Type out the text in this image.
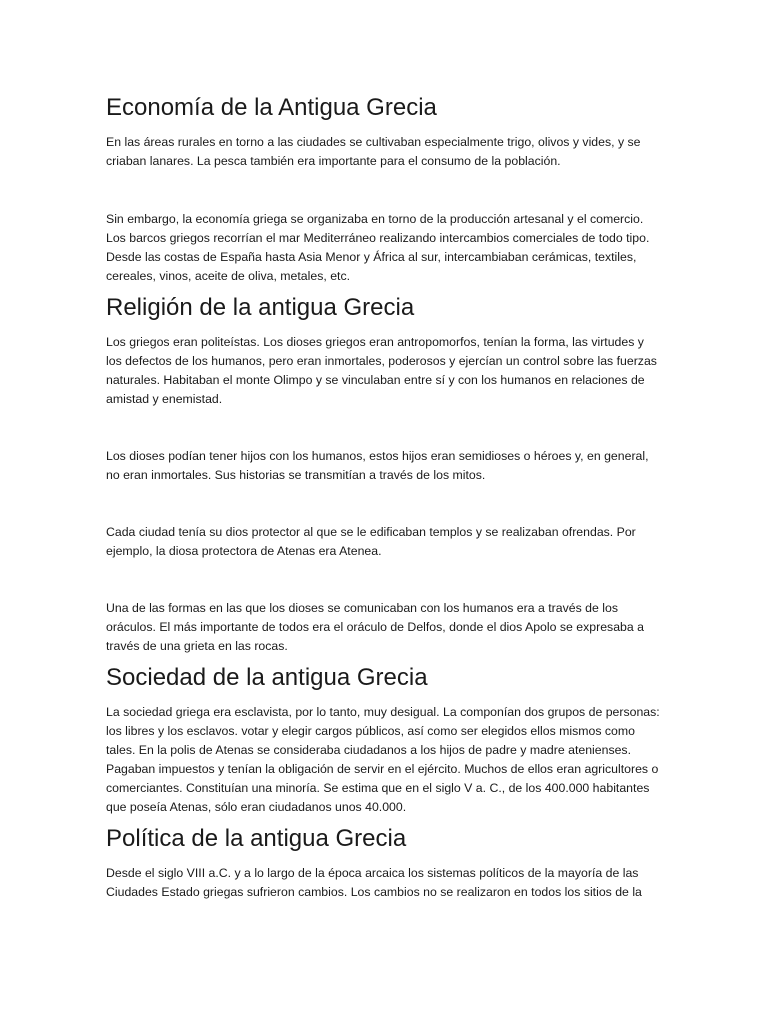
Economía de la Antigua Grecia

En las áreas rurales en torno a las ciudades se cultivaban especialmente trigo, olivos y vides, y se criaban lanares. La pesca también era importante para el consumo de la población.

Sin embargo, la economía griega se organizaba en torno de la producción artesanal y el comercio. Los barcos griegos recorrían el mar Mediterráneo realizando intercambios comerciales de todo tipo. Desde las costas de España hasta Asia Menor y África al sur, intercambiaban cerámicas, textiles, cereales, vinos, aceite de oliva, metales, etc.

Religión de la antigua Grecia

Los griegos eran politeístas. Los dioses griegos eran antropomorfos, tenían la forma, las virtudes y los defectos de los humanos, pero eran inmortales, poderosos y ejercían un control sobre las fuerzas naturales. Habitaban el monte Olimpo y se vinculaban entre sí y con los humanos en relaciones de amistad y enemistad.

Los dioses podían tener hijos con los humanos, estos hijos eran semidioses o héroes y, en general, no eran inmortales. Sus historias se transmitían a través de los mitos.

Cada ciudad tenía su dios protector al que se le edificaban templos y se realizaban ofrendas. Por ejemplo, la diosa protectora de Atenas era Atenea.

Una de las formas en las que los dioses se comunicaban con los humanos era a través de los oráculos. El más importante de todos era el oráculo de Delfos, donde el dios Apolo se expresaba a través de una grieta en las rocas.

Sociedad de la antigua Grecia

La sociedad griega era esclavista, por lo tanto, muy desigual. La componían dos grupos de personas: los libres y los esclavos. votar y elegir cargos públicos, así como ser elegidos ellos mismos como tales. En la polis de Atenas se consideraba ciudadanos a los hijos de padre y madre atenienses. Pagaban impuestos y tenían la obligación de servir en el ejército. Muchos de ellos eran agricultores o comerciantes. Constituían una minoría. Se estima que en el siglo V a. C., de los 400.000 habitantes que poseía Atenas, sólo eran ciudadanos unos 40.000.

Política de la antigua Grecia

Desde el siglo VIII a.C. y a lo largo de la época arcaica los sistemas políticos de la mayoría de las Ciudades Estado griegas sufrieron cambios. Los cambios no se realizaron en todos los sitios de la
